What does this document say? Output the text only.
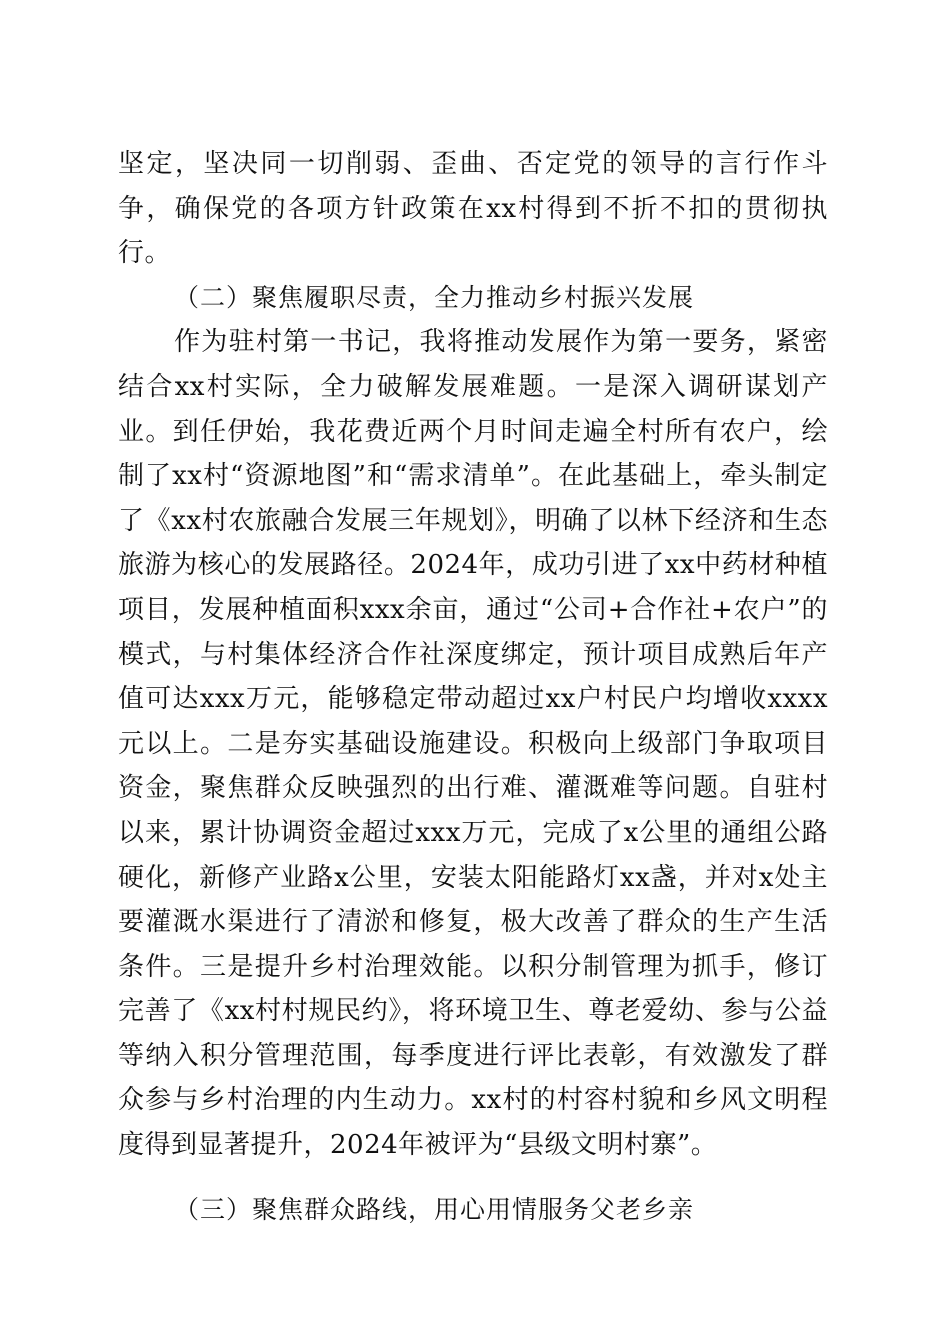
坚定，坚决同一切削弱、歪曲、否定党的领导的言行作斗争，确保党的各项方针政策在xx村得到不折不扣的贯彻执行。

（二）聚焦履职尽责，全力推动乡村振兴发展

作为驻村第一书记，我将推动发展作为第一要务，紧密结合xx村实际，全力破解发展难题。一是深入调研谋划产业。到任伊始，我花费近两个月时间走遍全村所有农户，绘制了xx村“资源地图”和“需求清单”。在此基础上，牵头制定了《xx村农旅融合发展三年规划》，明确了以林下经济和生态旅游为核心的发展路径。2024年，成功引进了xx中药材种植项目，发展种植面积xxx余亩，通过“公司+合作社+农户”的模式，与村集体经济合作社深度绑定，预计项目成熟后年产值可达xxx万元，能够稳定带动超过xx户村民户均增收xxxx元以上。二是夯实基础设施建设。积极向上级部门争取项目资金，聚焦群众反映强烈的出行难、灌溉难等问题。自驻村以来，累计协调资金超过xxx万元，完成了x公里的通组公路硬化，新修产业路x公里，安装太阳能路灯xx盏，并对x处主要灌溉水渠进行了清淤和修复，极大改善了群众的生产生活条件。三是提升乡村治理效能。以积分制管理为抓手，修订完善了《xx村村规民约》，将环境卫生、尊老爱幼、参与公益等纳入积分管理范围，每季度进行评比表彰，有效激发了群众参与乡村治理的内生动力。xx村的村容村貌和乡风文明程度得到显著提升，2024年被评为“县级文明村寨”。

（三）聚焦群众路线，用心用情服务父老乡亲
